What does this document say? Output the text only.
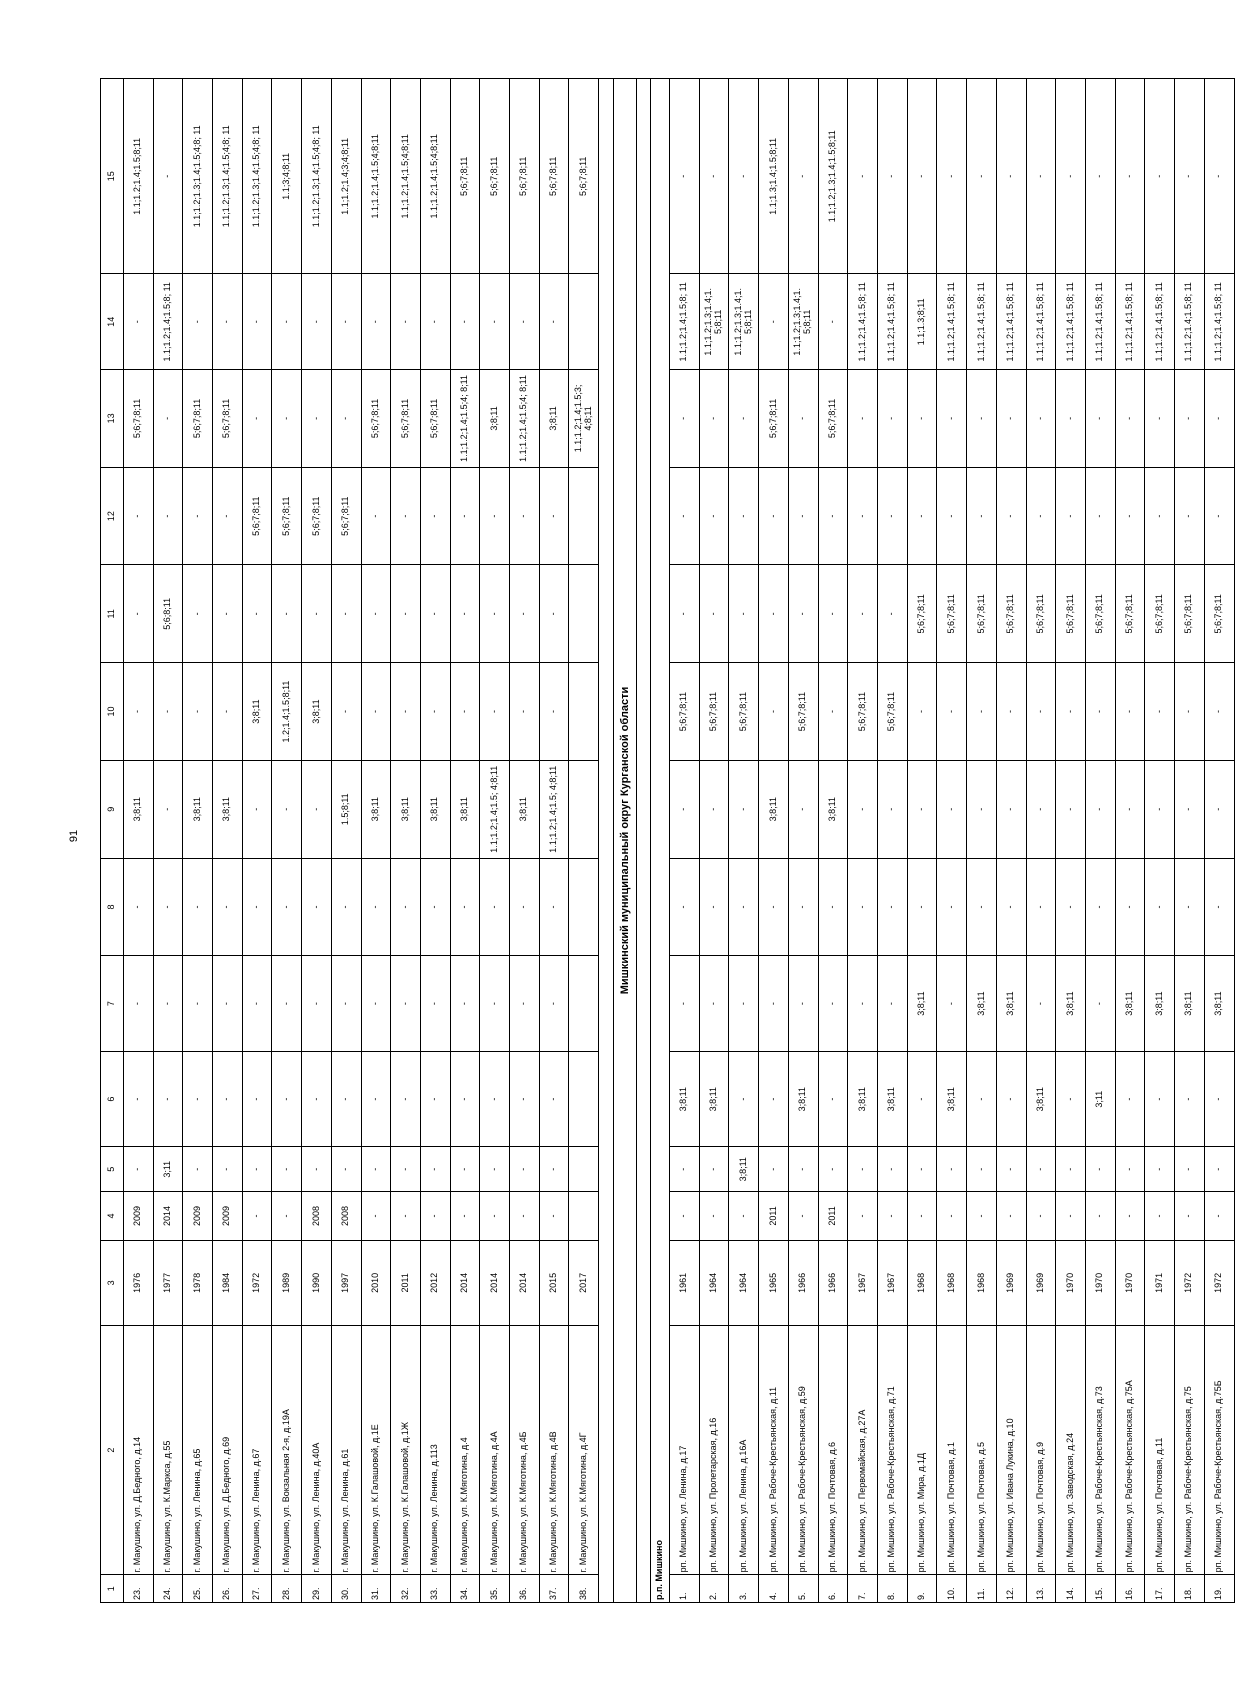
91
1	2	3	4	5	6	7	8	9	10	11	12	13	14	15
23.	г. Макушино, ул. Д.Бедного, д.14	1976	2009	-	-	-	-	3;8;11	-	-	-	5;6;7;8;11	-	1.1;1.2;1.4;1.5;8;11
24.	г. Макушино, ул. К.Маркса, д.55	1977	2014	3;11	-	-	-	-	-	5;6;8;11	-	-	1.1;1.2;1.4;1.5;8; 11	-
25.	г. Макушино, ул. Ленина, д.65	1978	2009	-	-	-	-	3;8;11	-	-	-	5;6;7;8;11	-	1.1;1.2;1.3;1.4;1.5;4;8; 11
26.	г. Макушино, ул. Д.Бедного, д.69	1984	2009	-	-	-	-	3;8;11	-	-	-	5;6;7;8;11	-	1.1;1.2;1.3;1.4;1.5;4;8; 11
27.	г. Макушино, ул. Ленина, д.67	1972	-	-	-	-	-	-	3;8;11	-	5;6;7;8;11	-	-	1.1;1.2;1.3;1.4;1.5;4;8; 11
28.	г. Макушино, ул. Вокзальная 2-я, д.19А	1989	-	-	-	-	-	-	1.2;1.4;1.5;8;11	-	5;6;7;8;11	-	-	1.1;3;4;8;11
29.	г. Макушино, ул. Ленина, д.40А	1990	2008	-	-	-	-	-	3;8;11	-	5;6;7;8;11	-	-	1.1;1.2;1.3;1.4;1.5;4;8; 11
30.	г. Макушино, ул. Ленина, д.61	1997	2008	-	-	-	-	1.5;8;11	-	-	5;6;7;8;11	-	-	1.1;1.2;1.4;3;4;8;11
31.	г. Макушино, ул. К.Галашовой, д.1Е	2010	-	-	-	-	-	3;8;11	-	-	-	5;6;7;8;11	-	1.1;1.2;1.4;1.5;4;8;11
32.	г. Макушино, ул. К.Галашовой, д.1Ж	2011	-	-	-	-	-	3;8;11	-	-	-	5;6;7;8;11	-	1.1;1.2;1.4;1.5;4;8;11
33.	г. Макушино, ул. Ленина, д.113	2012	-	-	-	-	-	3;8;11	-	-	-	5;6;7;8;11	-	1.1;1.2;1.4;1.5;4;8;11
34.	г. Макушино, ул. К.Мяготина, д.4	2014	-	-	-	-	-	3;8;11	-	-	-	1.1;1.2;1.4;1.5;4; 8;11	-	5;6;7;8;11
35.	г. Макушино, ул. К.Мяготина, д.4А	2014	-	-	-	-	-	1.1;1.2;1.4;1.5; 4;8;11	-	-	-	3;8;11	-	5;6;7;8;11
36.	г. Макушино, ул. К.Мяготина, д.4Б	2014	-	-	-	-	-	3;8;11	-	-	-	1.1;1.2;1.4;1.5;4; 8;11	-	5;6;7;8;11
37.	г. Макушино, ул. К.Мяготина, д.4В	2015	-	-	-	-	-	1.1;1.2;1.4;1.5; 4;8;11	-	-	-	3;8;11	-	5;6;7;8;11
38.	г. Макушино, ул. К.Мяготина, д.4Г	2017										1.1;1.2;1.4;1.5;3; 4;8;11		5;6;7;8;11

Мишкинский муниципальный округ Курганской области														

р.п. Мишкино														
1.	рп. Мишкино, ул. Ленина, д.17	1961	-	-	3;8;11	-	-	-	5;6;7;8;11	-	-	-	1.1;1.2;1.4;1.5;8; 11	-
2.	рп. Мишкино, ул. Пролетарская, д.16	1964	-	-	3;8;11	-	-	-	5;6;7;8;11	-	-	-	1.1;1.2;1.3;1.4;1. 5;8;11	-
3.	рп. Мишкино, ул. Ленина, д.16А	1964	-	3;8;11	-	-	-	-	5;6;7;8;11	-	-	-	1.1;1.2;1.3;1.4;1. 5;8;11	-
4.	рп. Мишкино, ул. Рабоче-Крестьянская, д.11	1965	2011	-	-	-	-	3;8;11	-	-	-	5;6;7;8;11	-	1.1;1.3;1.4;1.5;8;11
5.	рп. Мишкино, ул. Рабоче-Крестьянская, д.59	1966	-	-	3;8;11	-	-	-	5;6;7;8;11	-	-	-	1.1;1.2;1.3;1.4;1. 5;8;11	-
6.	рп. Мишкино, ул. Почтовая, д.6	1966	2011	-	-	-	-	3;8;11	-	-	-	5;6;7;8;11	-	1.1;1.2;1.3;1.4;1.5;8;11
7.	рп. Мишкино, ул. Первомайская, д.27А	1967	-	-	3;8;11	-	-	-	5;6;7;8;11	-	-	-	1.1;1.2;1.4;1.5;8; 11	-
8.	рп. Мишкино, ул. Рабоче-Крестьянская, д.71	1967	-	-	3;8;11	-	-	-	5;6;7;8;11	-	-	-	1.1;1.2;1.4;1.5;8; 11	-
9.	рп. Мишкино, ул. Мира, д.1Д	1968	-	-	-	3;8;11	-	-	-	5;6;7;8;11	-	-	1.1;1.3;8;11	-
10.	рп. Мишкино, ул. Почтовая, д.1	1968	-	-	3;8;11	-	-	-	-	5;6;7;8;11	-	-	1.1;1.2;1.4;1.5;8; 11	-
11.	рп. Мишкино, ул. Почтовая, д.5	1968	-	-	-	3;8;11	-	-	-	5;6;7;8;11	-	-	1.1;1.2;1.4;1.5;8; 11	-
12.	рп. Мишкино, ул. Ивана Лукина, д.10	1969	-	-	-	3;8;11	-	-	-	5;6;7;8;11	-	-	1.1;1.2;1.4;1.5;8; 11	-
13.	рп. Мишкино, ул. Почтовая, д.9	1969	-	-	3;8;11	-	-	-	-	5;6;7;8;11	-	-	1.1;1.2;1.4;1.5;8; 11	-
14.	рп. Мишкино, ул. Заводская, д.24	1970	-	-	-	3;8;11	-	-	-	5;6;7;8;11	-	-	1.1;1.2;1.4;1.5;8; 11	-
15.	рп. Мишкино, ул. Рабоче-Крестьянская, д.73	1970	-	-	3;11	-	-	-	-	5;6;7;8;11	-	-	1.1;1.2;1.4;1.5;8; 11	-
16.	рп. Мишкино, ул. Рабоче-Крестьянская, д.75А	1970	-	-	-	3;8;11	-	-	-	5;6;7;8;11	-	-	1.1;1.2;1.4;1.5;8; 11	-
17.	рп. Мишкино, ул. Почтовая, д.11	1971	-	-	-	3;8;11	-	-	-	5;6;7;8;11	-	-	1.1;1.2;1.4;1.5;8; 11	-
18.	рп. Мишкино, ул. Рабоче-Крестьянская, д.75	1972	-	-	-	3;8;11	-	-	-	5;6;7;8;11	-	-	1.1;1.2;1.4;1.5;8; 11	-
19.	рп. Мишкино, ул. Рабоче-Крестьянская, д.75Б	1972	-	-	-	3;8;11	-	-	-	5;6;7;8;11	-	-	1.1;1.2;1.4;1.5;8; 11	-
